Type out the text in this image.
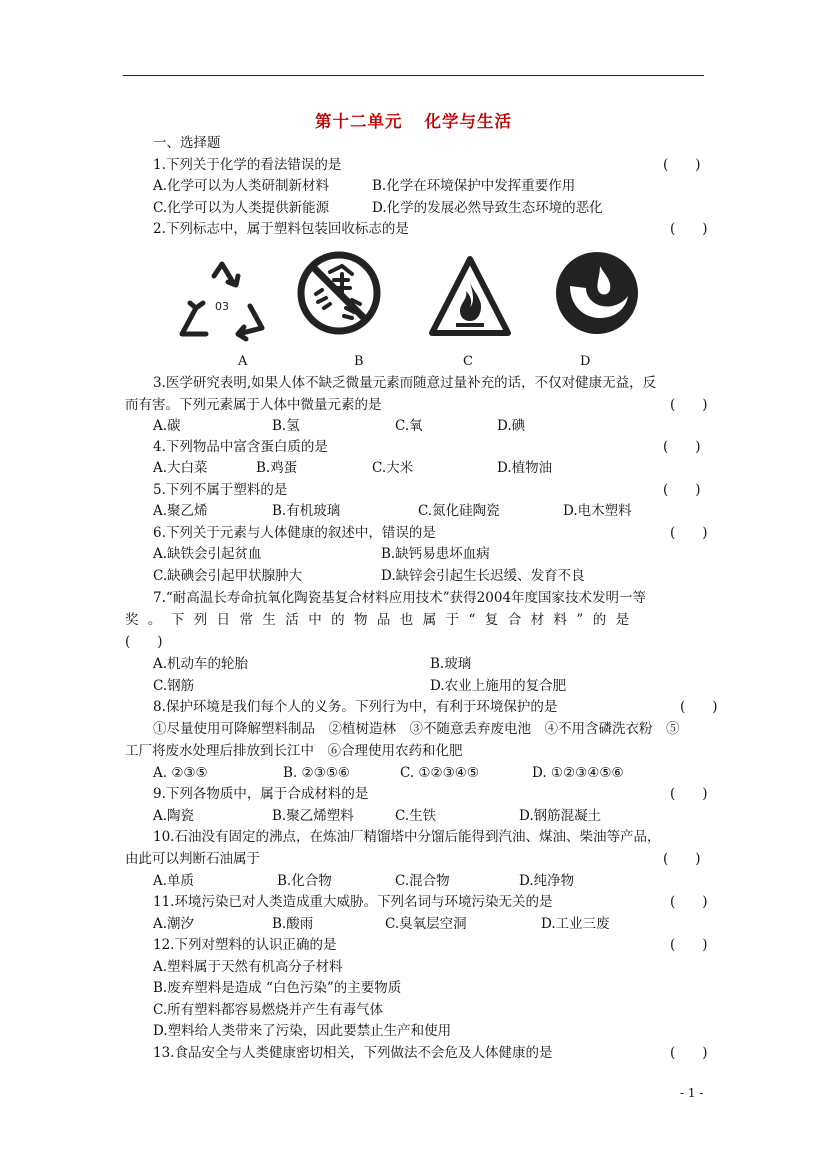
第十二单元 化学与生活
一、选择题
1.下列关于化学的看法错误的是	(　　)
A.化学可以为人类研制新材料	B.化学在环境保护中发挥重要作用
C.化学可以为人类提供新能源	D.化学的发展必然导致生态环境的恶化
2.下列标志中，属于塑料包装回收标志的是	(　　)
03
A	B	C	D
3.医学研究表明,如果人体不缺乏微量元素而随意过量补充的话，不仅对健康无益，反
而有害。下列元素属于人体中微量元素的是	(　　)
A.碳	B.氢	C.氧	D.碘
4.下列物品中富含蛋白质的是	(　　)
A.大白菜	B.鸡蛋	C.大米	D.植物油
5.下列不属于塑料的是	(　　)
A.聚乙烯	B.有机玻璃	C.氮化硅陶瓷	D.电木塑料
6.下列关于元素与人体健康的叙述中，错误的是	(　　)
A.缺铁会引起贫血	B.缺钙易患坏血病
C.缺碘会引起甲状腺肿大	D.缺锌会引起生长迟缓、发育不良
7.“耐高温长寿命抗氧化陶瓷基复合材料应用技术”获得2004年度国家技术发明一等
奖。下列日常生活中的物品也属于“复合材料”的是
(　　)
A.机动车的轮胎	B.玻璃
C.钢筋	D.农业上施用的复合肥
8.保护环境是我们每个人的义务。下列行为中，有利于环境保护的是	(　　)
①尽量使用可降解塑料制品　②植树造林　③不随意丢弃废电池　④不用含磷洗衣粉　⑤
工厂将废水处理后排放到长江中　⑥合理使用农药和化肥
A. ②③⑤	B. ②③⑤⑥	C. ①②③④⑤	D. ①②③④⑤⑥
9.下列各物质中，属于合成材料的是	(　　)
A.陶瓷	B.聚乙烯塑料	C.生铁	D.钢筋混凝土
10.石油没有固定的沸点，在炼油厂精馏塔中分馏后能得到汽油、煤油、柴油等产品，
由此可以判断石油属于	(　　)
A.单质	B.化合物	C.混合物	D.纯净物
11.环境污染已对人类造成重大威胁。下列名词与环境污染无关的是	(　　)
A.潮汐	B.酸雨	C.臭氧层空洞	D.工业三废
12.下列对塑料的认识正确的是	(　　)
A.塑料属于天然有机高分子材料
B.废弃塑料是造成 “白色污染”的主要物质
C.所有塑料都容易燃烧并产生有毒气体
D.塑料给人类带来了污染，因此要禁止生产和使用
13.食品安全与人类健康密切相关，下列做法不会危及人体健康的是	(　　)
- 1 -
